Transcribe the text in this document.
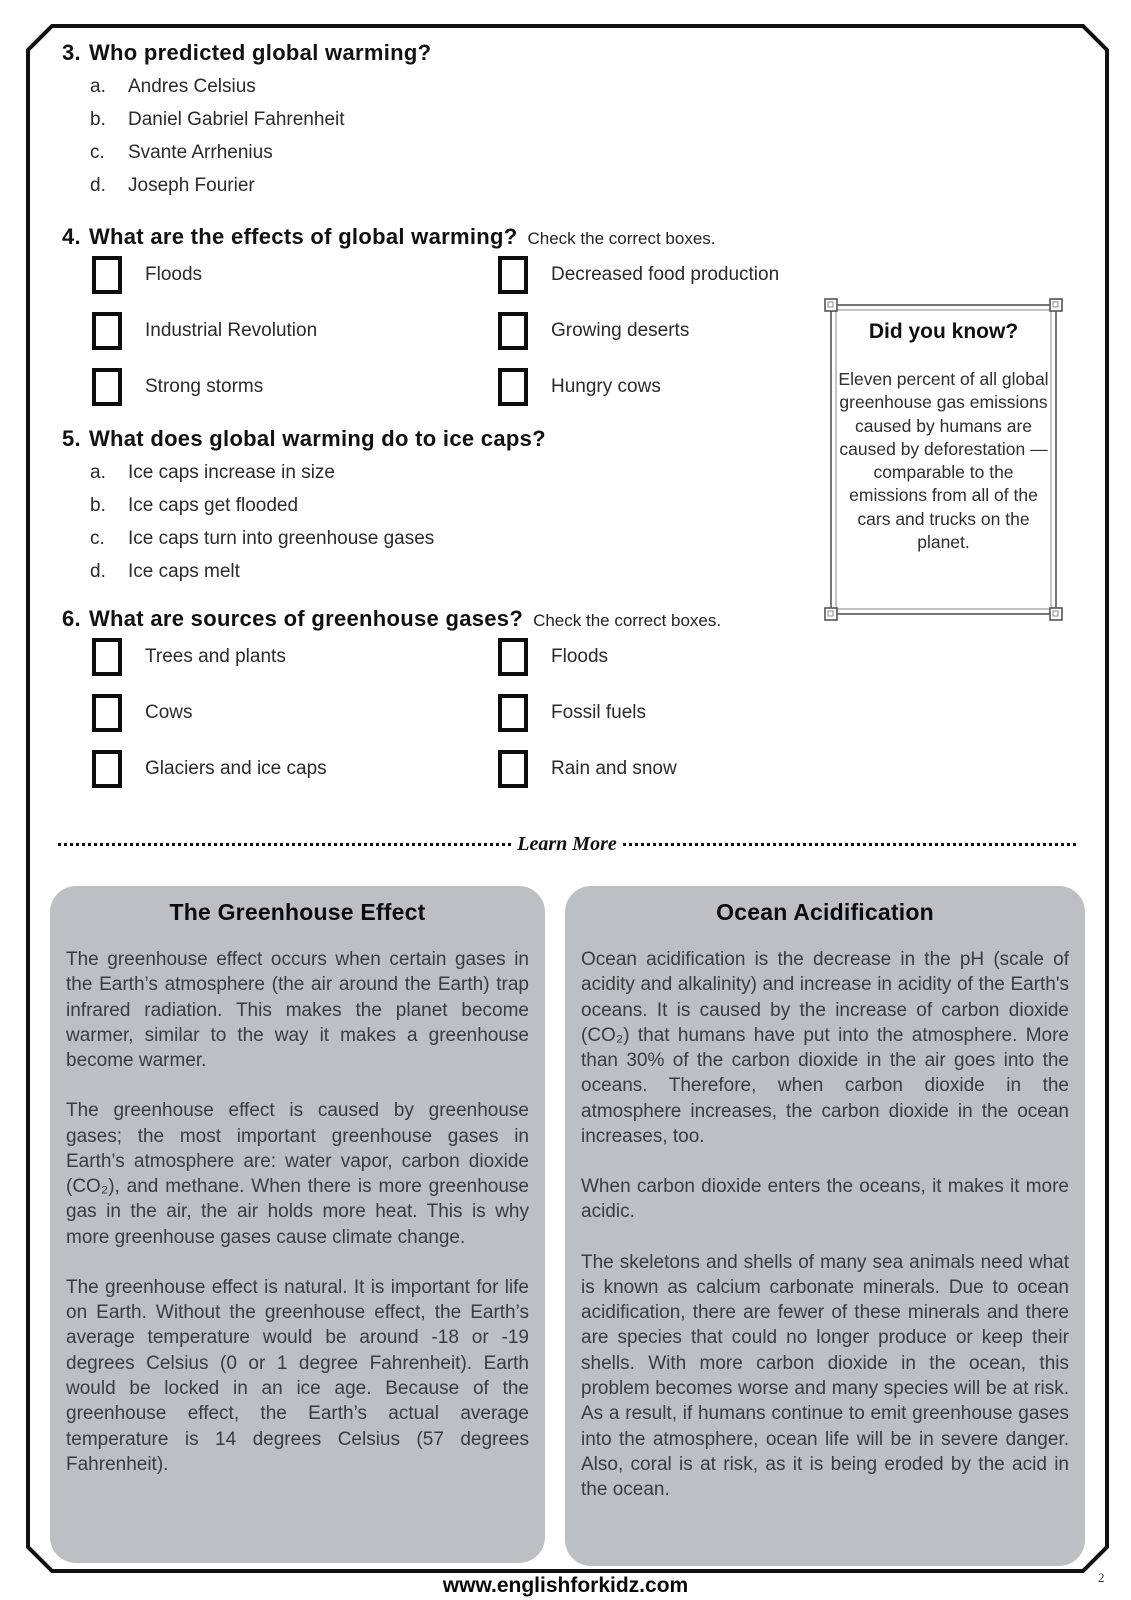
3. Who predicted global warming?
a.	Andres Celsius
b.	Daniel Gabriel Fahrenheit
c.	Svante Arrhenius
d.	Joseph Fourier
4. What are the effects of global warming? Check the correct boxes.
Floods	Decreased food production
Industrial Revolution	Growing deserts
Strong storms	Hungry cows
Did you know?
Eleven percent of all global greenhouse gas emissions caused by humans are caused by deforestation — comparable to the emissions from all of the cars and trucks on the planet.
5. What does global warming do to ice caps?
a.	Ice caps increase in size
b.	Ice caps get flooded
c.	Ice caps turn into greenhouse gases
d.	Ice caps melt
6. What are sources of greenhouse gases? Check the correct boxes.
Trees and plants	Floods
Cows	Fossil fuels
Glaciers and ice caps	Rain and snow
Learn More
The Greenhouse Effect

The greenhouse effect occurs when certain gases in the Earth’s atmosphere (the air around the Earth) trap infrared radiation. This makes the planet become warmer, similar to the way it makes a greenhouse become warmer.

The greenhouse effect is caused by greenhouse gases; the most important greenhouse gases in Earth’s atmosphere are: water vapor, carbon dioxide (CO₂), and methane. When there is more greenhouse gas in the air, the air holds more heat. This is why more greenhouse gases cause climate change.

The greenhouse effect is natural. It is important for life on Earth. Without the greenhouse effect, the Earth’s average temperature would be around -18 or -19 degrees Celsius (0 or 1 degree Fahrenheit). Earth would be locked in an ice age. Because of the greenhouse effect, the Earth’s actual average temperature is 14 degrees Celsius (57 degrees Fahrenheit).

Ocean Acidification

Ocean acidification is the decrease in the pH (scale of acidity and alkalinity) and increase in acidity of the Earth's oceans. It is caused by the increase of carbon dioxide (CO₂) that humans have put into the atmosphere. More than 30% of the carbon dioxide in the air goes into the oceans. Therefore, when carbon dioxide in the atmosphere increases, the carbon dioxide in the ocean increases, too.

When carbon dioxide enters the oceans, it makes it more acidic.

The skeletons and shells of many sea animals need what is known as calcium carbonate minerals. Due to ocean acidification, there are fewer of these minerals and there are species that could no longer produce or keep their shells. With more carbon dioxide in the ocean, this problem becomes worse and many species will be at risk. As a result, if humans continue to emit greenhouse gases into the atmosphere, ocean life will be in severe danger. Also, coral is at risk, as it is being eroded by the acid in the ocean.

www.englishforkidz.com	2
